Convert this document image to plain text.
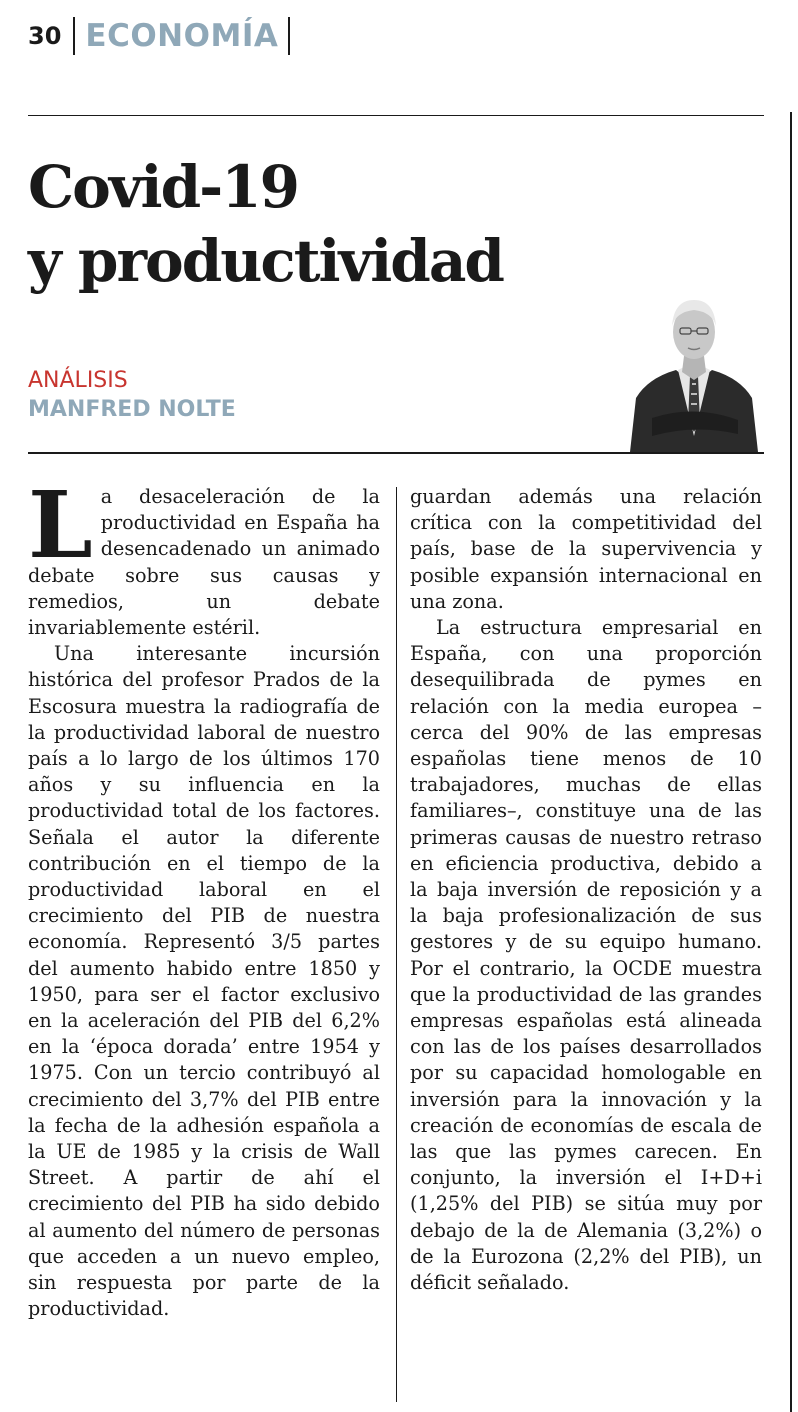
30 ECONOMÍA
Covid-19
y productividad
ANÁLISIS
MANFRED NOLTE

La desaceleración de la productividad en España ha desencadenado un animado debate sobre sus causas y remedios, un debate invariablemente estéril.

Una interesante incursión histórica del profesor Prados de la Escosura muestra la radiografía de la productividad laboral de nuestro país a lo largo de los últimos 170 años y su influencia en la productividad total de los factores. Señala el autor la diferente contribución en el tiempo de la productividad laboral en el crecimiento del PIB de nuestra economía. Representó 3/5 partes del aumento habido entre 1850 y 1950, para ser el factor exclusivo en la aceleración del PIB del 6,2% en la ‘época dorada’ entre 1954 y 1975. Con un tercio contribuyó al crecimiento del 3,7% del PIB entre la fecha de la adhesión española a la UE de 1985 y la crisis de Wall Street. A partir de ahí el crecimiento del PIB ha sido debido al aumento del número de personas que acceden a un nuevo empleo, sin respuesta por parte de la productividad.

guardan además una relación crítica con la competitividad del país, base de la supervivencia y posible expansión internacional en una zona.

La estructura empresarial en España, con una proporción desequilibrada de pymes en relación con la media europea –cerca del 90% de las empresas españolas tiene menos de 10 trabajadores, muchas de ellas familiares–, constituye una de las primeras causas de nuestro retraso en eficiencia productiva, debido a la baja inversión de reposición y a la baja profesionalización de sus gestores y de su equipo humano. Por el contrario, la OCDE muestra que la productividad de las grandes empresas españolas está alineada con las de los países desarrollados por su capacidad homologable en inversión para la innovación y la creación de economías de escala de las que las pymes carecen. En conjunto, la inversión el I+D+i (1,25% del PIB) se sitúa muy por debajo de la de Alemania (3,2%) o de la Eurozona (2,2% del PIB), un déficit señalado.
